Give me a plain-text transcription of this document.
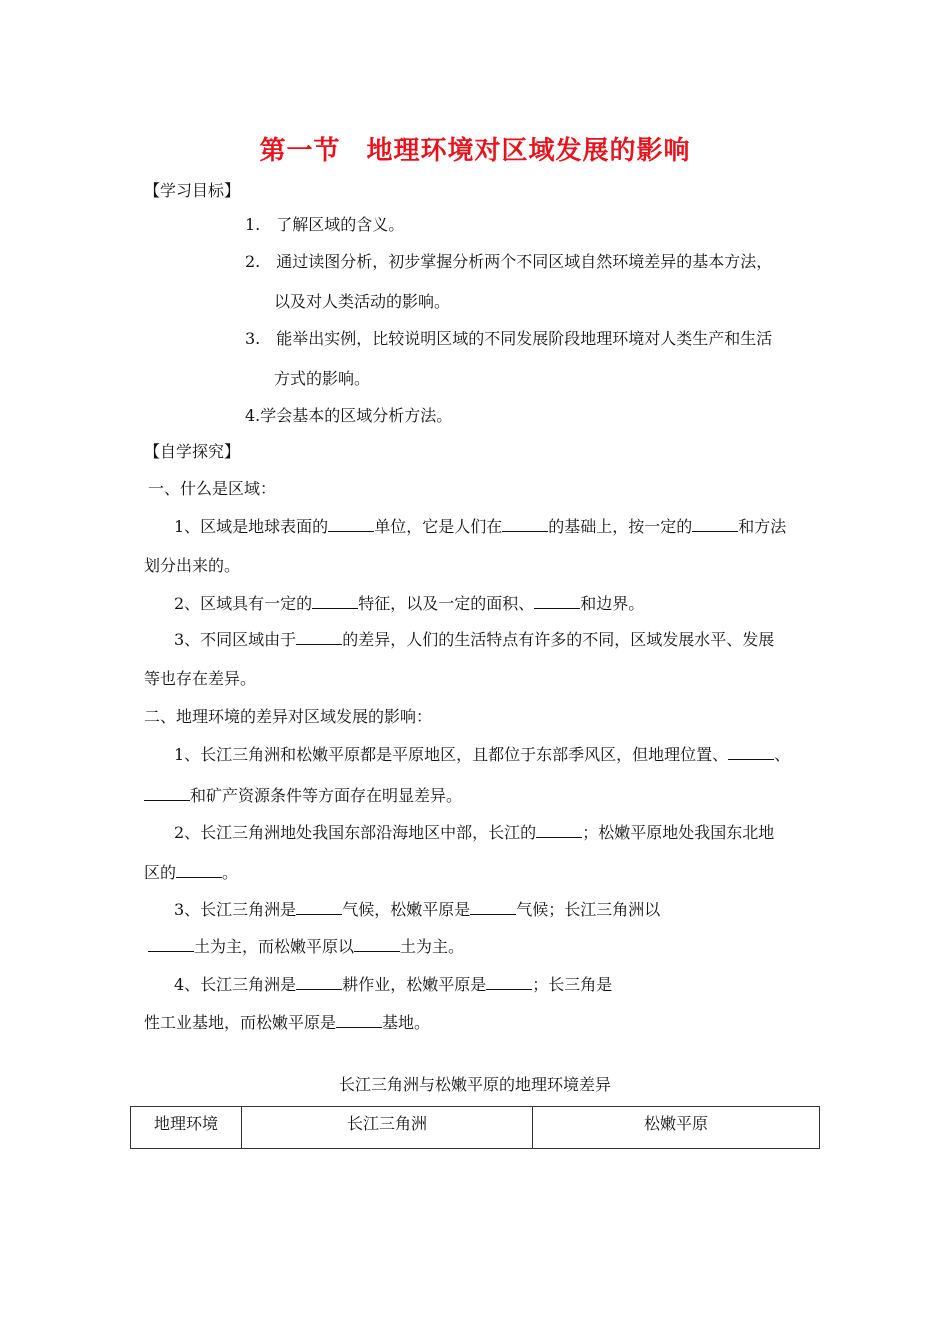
第一节 地理环境对区域发展的影响
【学习目标】
1. 了解区域的含义。
2. 通过读图分析，初步掌握分析两个不同区域自然环境差异的基本方法，
以及对人类活动的影响。
3. 能举出实例，比较说明区域的不同发展阶段地理环境对人类生产和生活
方式的影响。
4.学会基本的区域分析方法。
【自学探究】
一、什么是区域：
1、区域是地球表面的	单位，它是人们在	的基础上，按一定的	和方法
划分出来的。
2、区域具有一定的	特征，以及一定的面积、	和边界。
3、不同区域由于	的差异，人们的生活特点有许多的不同，区域发展水平、发展
等也存在差异。
二、地理环境的差异对区域发展的影响：
1、长江三角洲和松嫩平原都是平原地区，且都位于东部季风区，但地理位置、	、
和矿产资源条件等方面存在明显差异。
2、长江三角洲地处我国东部沿海地区中部，长江的	；松嫩平原地处我国东北地
区的	。
3、长江三角洲是	气候，松嫩平原是	气候；长江三角洲以
土为主，而松嫩平原以	土为主。
4、长江三角洲是	耕作业，松嫩平原是	；长三角是
性工业基地，而松嫩平原是	基地。
长江三角洲与松嫩平原的地理环境差异
地理环境	长江三角洲	松嫩平原
